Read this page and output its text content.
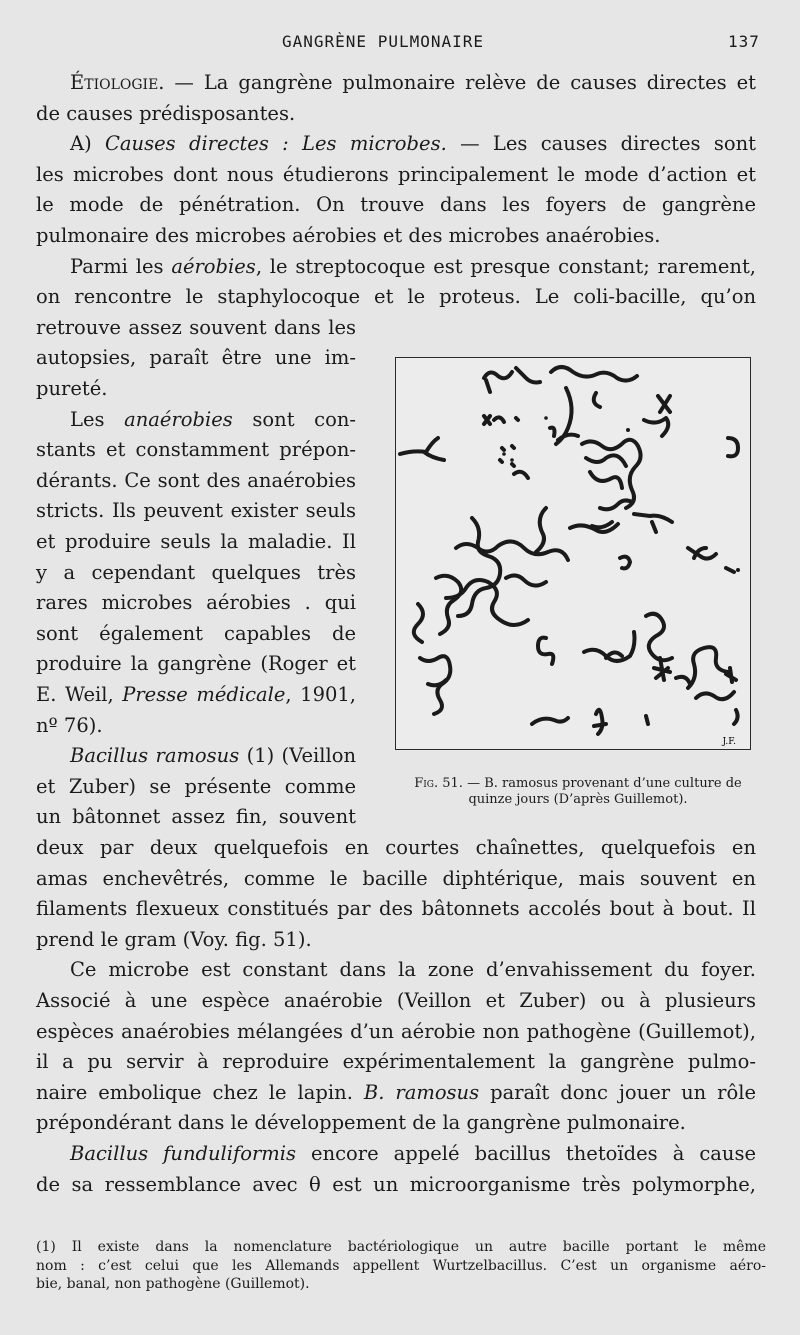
GANGRÈNE PULMONAIRE	137
Étiologie. — La gangrène pulmonaire relève de causes directes et
de causes prédisposantes.
A) Causes directes : Les microbes. — Les causes directes sont
les microbes dont nous étudierons principalement le mode d’action et
le mode de pénétration. On trouve dans les foyers de gangrène
pulmonaire des microbes aérobies et des microbes anaérobies.
Parmi les aérobies, le streptocoque est presque constant; rarement,
on rencontre le staphylocoque et le proteus. Le coli-bacille, qu’on
retrouve assez souvent dans les
autopsies, paraît être une im-
pureté.
Les anaérobies sont con-
stants et constamment prépon-
dérants. Ce sont des anaérobies
stricts. Ils peuvent exister seuls
et produire seuls la maladie. Il
y a cependant quelques très
rares microbes aérobies . qui
sont également capables de
produire la gangrène (Roger et
E. Weil, Presse médicale, 1901,
nº 76).
Bacillus ramosus (1) (Veillon
et Zuber) se présente comme
un bâtonnet assez fin, souvent
deux par deux quelquefois en courtes chaînettes, quelquefois en
amas enchevêtrés, comme le bacille diphtérique, mais souvent en
filaments flexueux constitués par des bâtonnets accolés bout à bout. Il
prend le gram (Voy. fig. 51).
Ce microbe est constant dans la zone d’envahissement du foyer.
Associé à une espèce anaérobie (Veillon et Zuber) ou à plusieurs
espèces anaérobies mélangées d’un aérobie non pathogène (Guillemot),
il a pu servir à reproduire expérimentalement la gangrène pulmo-
naire embolique chez le lapin. B. ramosus paraît donc jouer un rôle
prépondérant dans le développement de la gangrène pulmonaire.
Bacillus funduliformis encore appelé bacillus thetoïdes à cause
de sa ressemblance avec θ est un microorganisme très polymorphe,
J.F.
Fig. 51. — B. ramosus provenant d’une culture de
quinze jours (D’après Guillemot).
(1) Il existe dans la nomenclature bactériologique un autre bacille portant le même
nom : c’est celui que les Allemands appellent Wurtzelbacillus. C’est un organisme aéro-
bie, banal, non pathogène (Guillemot).
